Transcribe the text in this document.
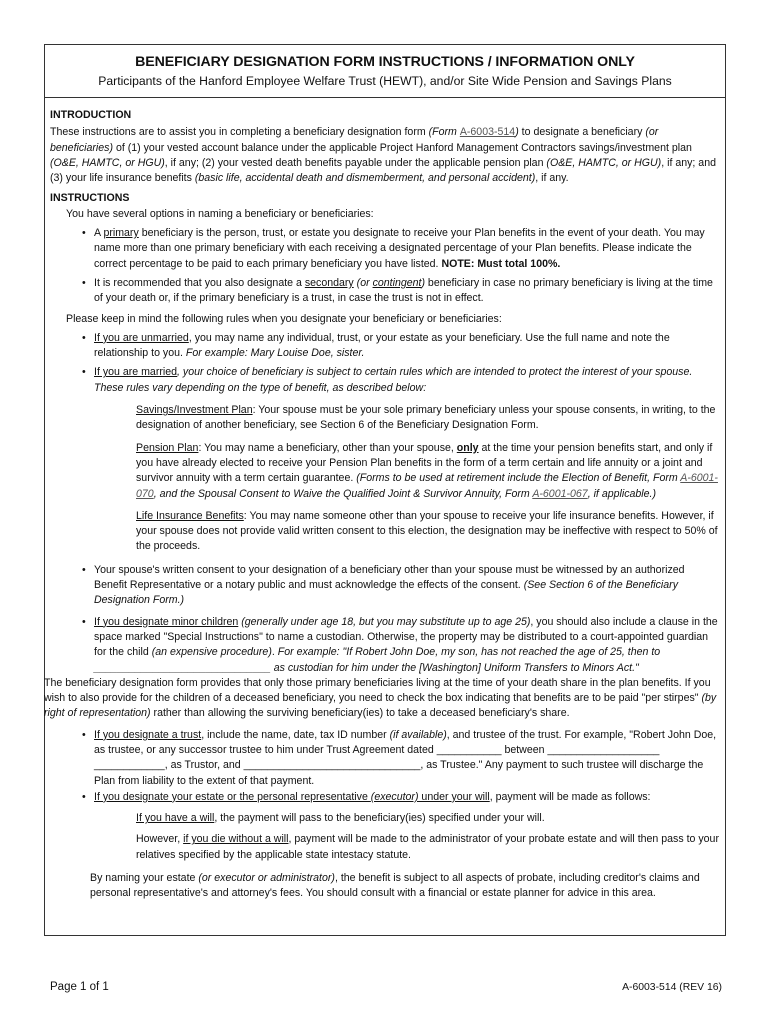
BENEFICIARY DESIGNATION FORM INSTRUCTIONS / INFORMATION ONLY
Participants of the Hanford Employee Welfare Trust (HEWT), and/or Site Wide Pension and Savings Plans
INTRODUCTION

These instructions are to assist you in completing a beneficiary designation form (Form A-6003-514) to designate a beneficiary (or beneficiaries) of (1) your vested account balance under the applicable Project Hanford Management Contractors savings/investment plan (O&E, HAMTC, or HGU), if any; (2) your vested death benefits payable under the applicable pension plan (O&E, HAMTC, or HGU), if any; and (3) your life insurance benefits (basic life, accidental death and dismemberment, and personal accident), if any.

INSTRUCTIONS

You have several options in naming a beneficiary or beneficiaries:

• A primary beneficiary is the person, trust, or estate you designate to receive your Plan benefits in the event of your death. You may name more than one primary beneficiary with each receiving a designated percentage of your Plan benefits. Please indicate the correct percentage to be paid to each primary beneficiary you have listed. NOTE: Must total 100%.
• It is recommended that you also designate a secondary (or contingent) beneficiary in case no primary beneficiary is living at the time of your death or, if the primary beneficiary is a trust, in case the trust is not in effect.

Please keep in mind the following rules when you designate your beneficiary or beneficiaries:

• If you are unmarried, you may name any individual, trust, or your estate as your beneficiary. Use the full name and note the relationship to you. For example: Mary Louise Doe, sister.
• If you are married, your choice of beneficiary is subject to certain rules which are intended to protect the interest of your spouse. These rules vary depending on the type of benefit, as described below:

Savings/Investment Plan: Your spouse must be your sole primary beneficiary unless your spouse consents, in writing, to the designation of another beneficiary, see Section 6 of the Beneficiary Designation Form.

Pension Plan: You may name a beneficiary, other than your spouse, only at the time your pension benefits start, and only if you have already elected to receive your Pension Plan benefits in the form of a term certain and life annuity or a joint and survivor annuity with a term certain guarantee. (Forms to be used at retirement include the Election of Benefit, Form A-6001-070, and the Spousal Consent to Waive the Qualified Joint & Survivor Annuity, Form A-6001-067, if applicable.)

Life Insurance Benefits: You may name someone other than your spouse to receive your life insurance benefits. However, if your spouse does not provide valid written consent to this election, the designation may be ineffective with respect to 50% of the proceeds.

• Your spouse's written consent to your designation of a beneficiary other than your spouse must be witnessed by an authorized Benefit Representative or a notary public and must acknowledge the effects of the consent. (See Section 6 of the Beneficiary Designation Form.)
• If you designate minor children (generally under age 18, but you may substitute up to age 25), you should also include a clause in the space marked "Special Instructions" to name a custodian. Otherwise, the property may be distributed to a court-appointed guardian for the child (an expensive procedure). For example: "If Robert John Doe, my son, has not reached the age of 25, then to ______________________________ as custodian for him under the [Washington] Uniform Transfers to Minors Act."

The beneficiary designation form provides that only those primary beneficiaries living at the time of your death share in the plan benefits. If you wish to also provide for the children of a deceased beneficiary, you need to check the box indicating that benefits are to be paid "per stirpes" (by right of representation) rather than allowing the surviving beneficiary(ies) to take a deceased beneficiary's share.

• If you designate a trust, include the name, date, tax ID number (if available), and trustee of the trust. For example, "Robert John Doe, as trustee, or any successor trustee to him under Trust Agreement dated ___________ between ___________________ ____________, as Trustor, and ______________________________, as Trustee." Any payment to such trustee will discharge the Plan from liability to the extent of that payment.
• If you designate your estate or the personal representative (executor) under your will, payment will be made as follows:

If you have a will, the payment will pass to the beneficiary(ies) specified under your will.

However, if you die without a will, payment will be made to the administrator of your probate estate and will then pass to your relatives specified by the applicable state intestacy statute.

By naming your estate (or executor or administrator), the benefit is subject to all aspects of probate, including creditor's claims and personal representative's and attorney's fees. You should consult with a financial or estate planner for advice in this area.

Page 1 of 1	A-6003-514 (REV 16)
